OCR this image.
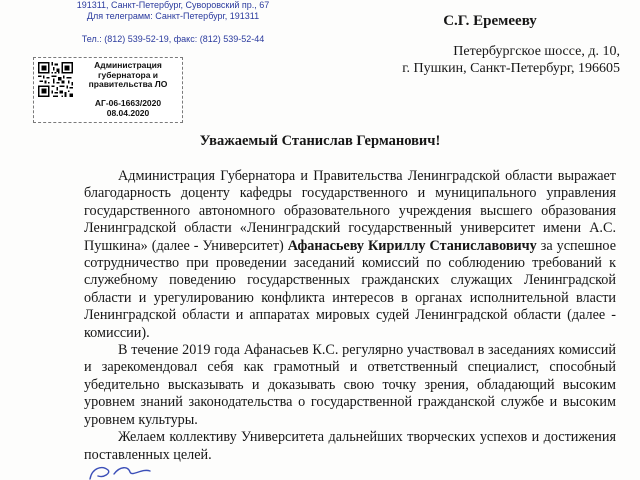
191311, Санкт-Петербург, Суворовский пр., 67
Для телеграмм: Санкт-Петербург, 191311
Тел.: (812) 539-52-19, факс: (812) 539-52-44
Администрация
губернатора и
правительства ЛО
АГ-06-1663/2020
08.04.2020
С.Г. Еремееву
Петербургское шоссе, д. 10,
г. Пушкин, Санкт-Петербург, 196605
Уважаемый Станислав Германович!

Администрация Губернатора и Правительства Ленинградской области выражает благодарность доценту кафедры государственного и муниципального управления государственного автономного образовательного учреждения высшего образования Ленинградской области «Ленинградский государственный университет имени А.С. Пушкина» (далее - Университет) Афанасьеву Кириллу Станиславовичу за успешное сотрудничество при проведении заседаний комиссий по соблюдению требований к служебному поведению государственных гражданских служащих Ленинградской области и урегулированию конфликта интересов в органах исполнительной власти Ленинградской области и аппаратах мировых судей Ленинградской области (далее - комиссии).

В течение 2019 года Афанасьев К.С. регулярно участвовал в заседаниях комиссий и зарекомендовал себя как грамотный и ответственный специалист, способный убедительно высказывать и доказывать свою точку зрения, обладающий высоким уровнем знаний законодательства о государственной гражданской службе и высоким уровнем культуры.

Желаем коллективу Университета дальнейших творческих успехов и достижения поставленных целей.
